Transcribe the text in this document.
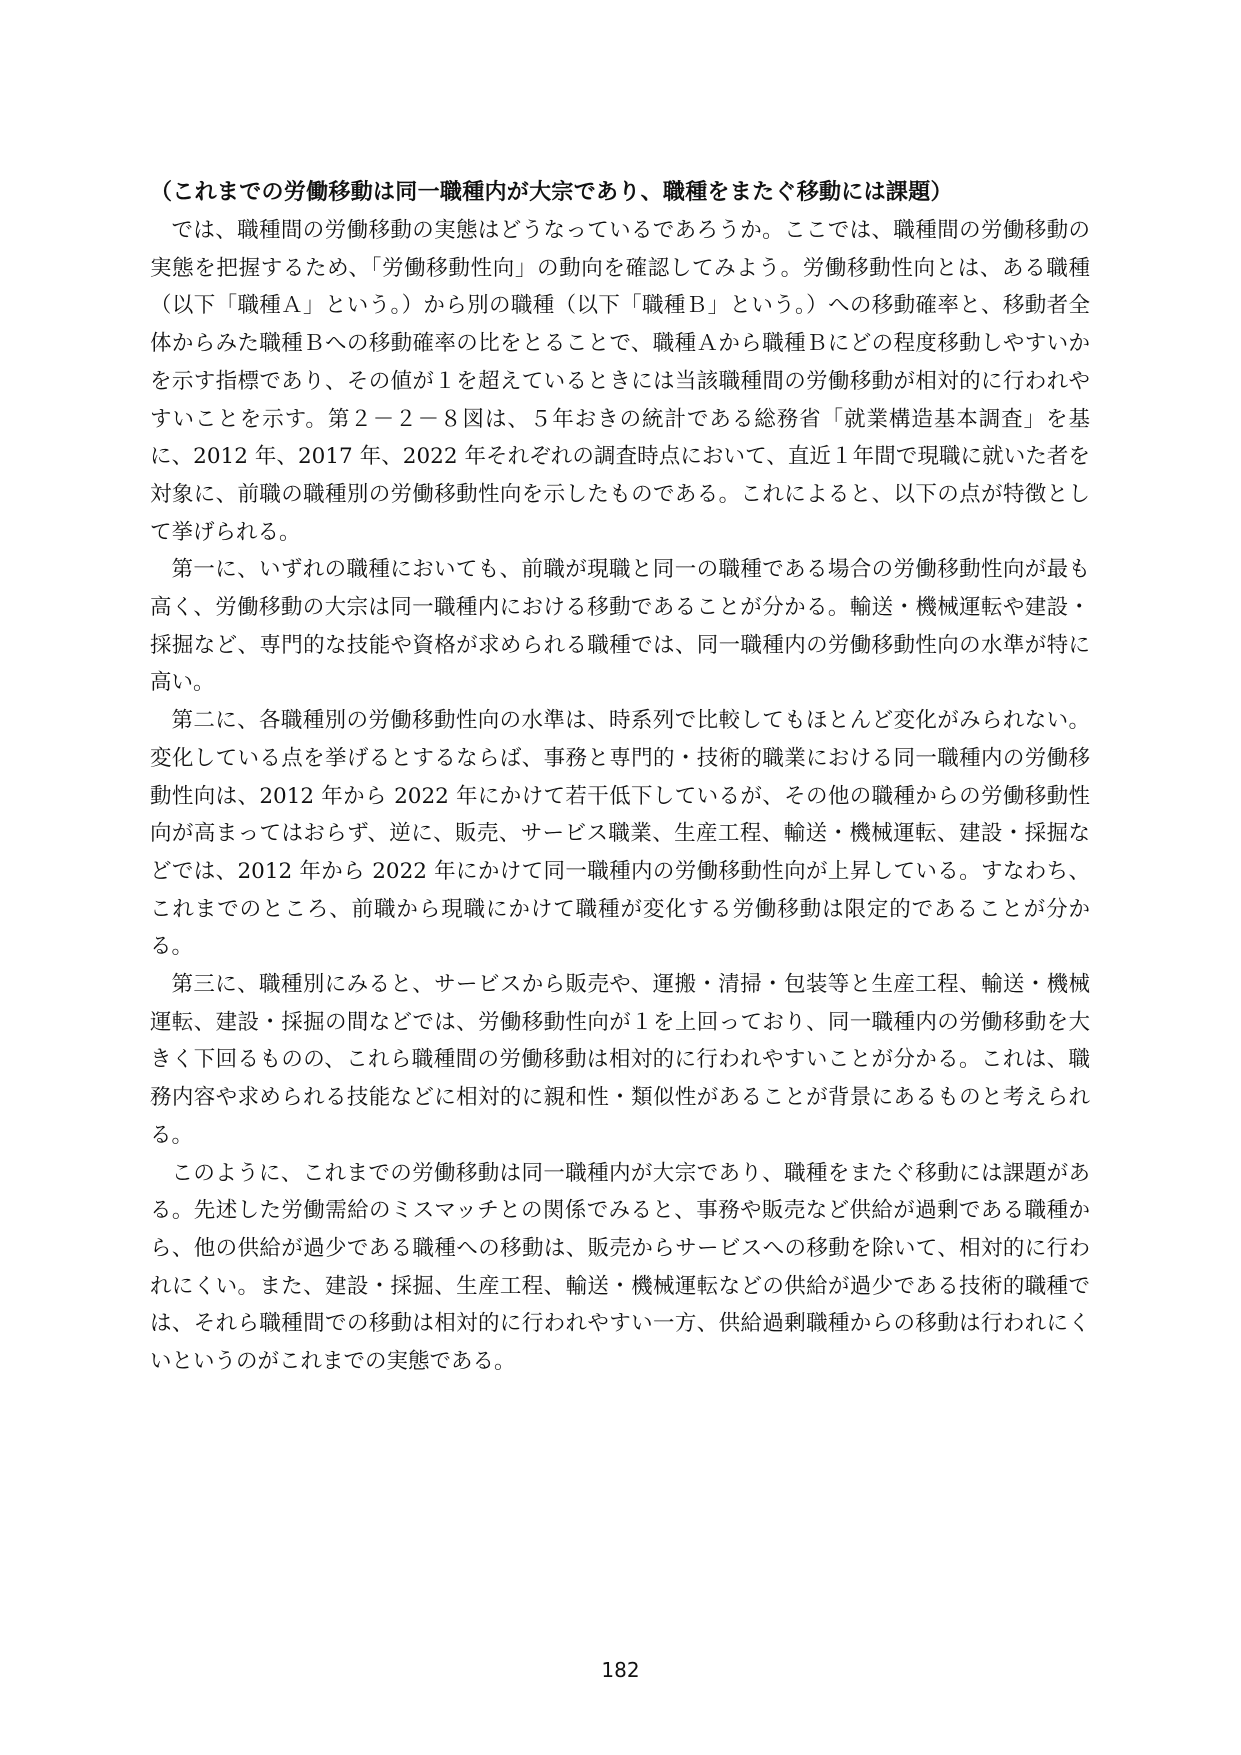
（これまでの労働移動は同一職種内が大宗であり、職種をまたぐ移動には課題）

では、職種間の労働移動の実態はどうなっているであろうか。ここでは、職種間の労働移動の実態を把握するため、「労働移動性向」の動向を確認してみよう。労働移動性向とは、ある職種（以下「職種Ａ」という。）から別の職種（以下「職種Ｂ」という。）への移動確率と、移動者全体からみた職種Ｂへの移動確率の比をとることで、職種Ａから職種Ｂにどの程度移動しやすいかを示す指標であり、その値が１を超えているときには当該職種間の労働移動が相対的に行われやすいことを示す。第２－２－８図は、５年おきの統計である総務省「就業構造基本調査」を基に、2012 年、2017 年、2022 年それぞれの調査時点において、直近１年間で現職に就いた者を対象に、前職の職種別の労働移動性向を示したものである。これによると、以下の点が特徴として挙げられる。

第一に、いずれの職種においても、前職が現職と同一の職種である場合の労働移動性向が最も高く、労働移動の大宗は同一職種内における移動であることが分かる。輸送・機械運転や建設・採掘など、専門的な技能や資格が求められる職種では、同一職種内の労働移動性向の水準が特に高い。

第二に、各職種別の労働移動性向の水準は、時系列で比較してもほとんど変化がみられない。変化している点を挙げるとするならば、事務と専門的・技術的職業における同一職種内の労働移動性向は、2012 年から 2022 年にかけて若干低下しているが、その他の職種からの労働移動性向が高まってはおらず、逆に、販売、サービス職業、生産工程、輸送・機械運転、建設・採掘などでは、2012 年から 2022 年にかけて同一職種内の労働移動性向が上昇している。すなわち、これまでのところ、前職から現職にかけて職種が変化する労働移動は限定的であることが分かる。

第三に、職種別にみると、サービスから販売や、運搬・清掃・包装等と生産工程、輸送・機械運転、建設・採掘の間などでは、労働移動性向が１を上回っており、同一職種内の労働移動を大きく下回るものの、これら職種間の労働移動は相対的に行われやすいことが分かる。これは、職務内容や求められる技能などに相対的に親和性・類似性があることが背景にあるものと考えられる。

このように、これまでの労働移動は同一職種内が大宗であり、職種をまたぐ移動には課題がある。先述した労働需給のミスマッチとの関係でみると、事務や販売など供給が過剰である職種から、他の供給が過少である職種への移動は、販売からサービスへの移動を除いて、相対的に行われにくい。また、建設・採掘、生産工程、輸送・機械運転などの供給が過少である技術的職種では、それら職種間での移動は相対的に行われやすい一方、供給過剰職種からの移動は行われにくいというのがこれまでの実態である。

182
